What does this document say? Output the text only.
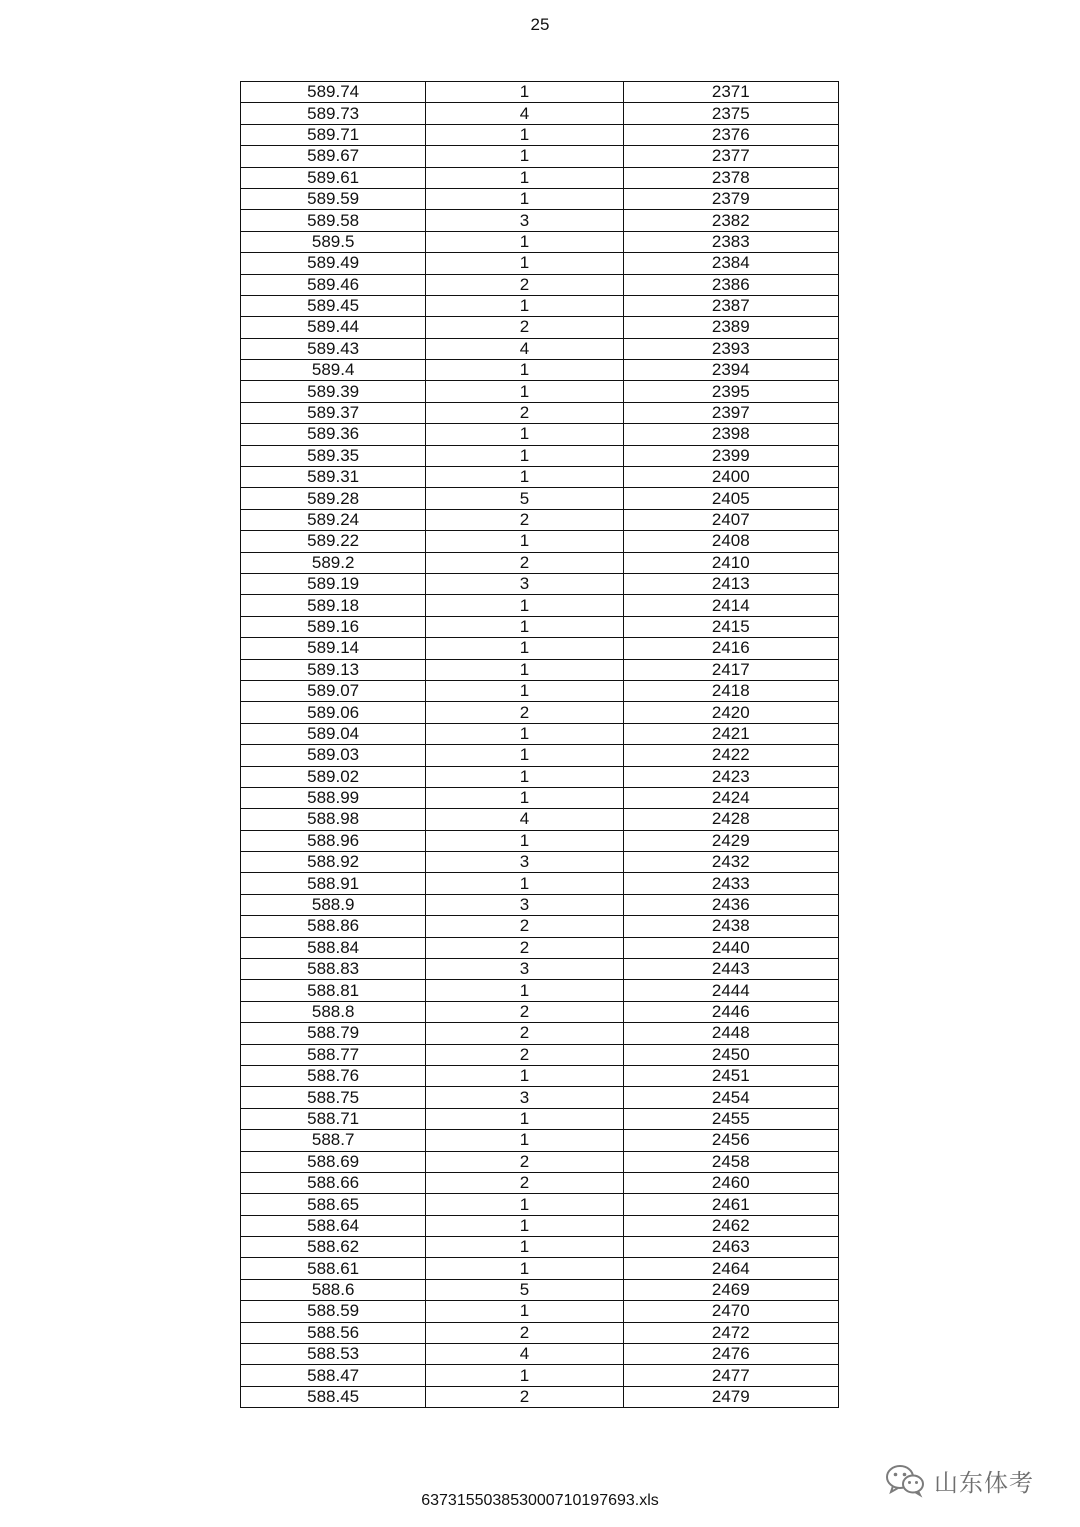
25
589.74	1	2371
589.73	4	2375
589.71	1	2376
589.67	1	2377
589.61	1	2378
589.59	1	2379
589.58	3	2382
589.5	1	2383
589.49	1	2384
589.46	2	2386
589.45	1	2387
589.44	2	2389
589.43	4	2393
589.4	1	2394
589.39	1	2395
589.37	2	2397
589.36	1	2398
589.35	1	2399
589.31	1	2400
589.28	5	2405
589.24	2	2407
589.22	1	2408
589.2	2	2410
589.19	3	2413
589.18	1	2414
589.16	1	2415
589.14	1	2416
589.13	1	2417
589.07	1	2418
589.06	2	2420
589.04	1	2421
589.03	1	2422
589.02	1	2423
588.99	1	2424
588.98	4	2428
588.96	1	2429
588.92	3	2432
588.91	1	2433
588.9	3	2436
588.86	2	2438
588.84	2	2440
588.83	3	2443
588.81	1	2444
588.8	2	2446
588.79	2	2448
588.77	2	2450
588.76	1	2451
588.75	3	2454
588.71	1	2455
588.7	1	2456
588.69	2	2458
588.66	2	2460
588.65	1	2461
588.64	1	2462
588.62	1	2463
588.61	1	2464
588.6	5	2469
588.59	1	2470
588.56	2	2472
588.53	4	2476
588.47	1	2477
588.45	2	2479
637315503853000710197693.xls
山东体考
